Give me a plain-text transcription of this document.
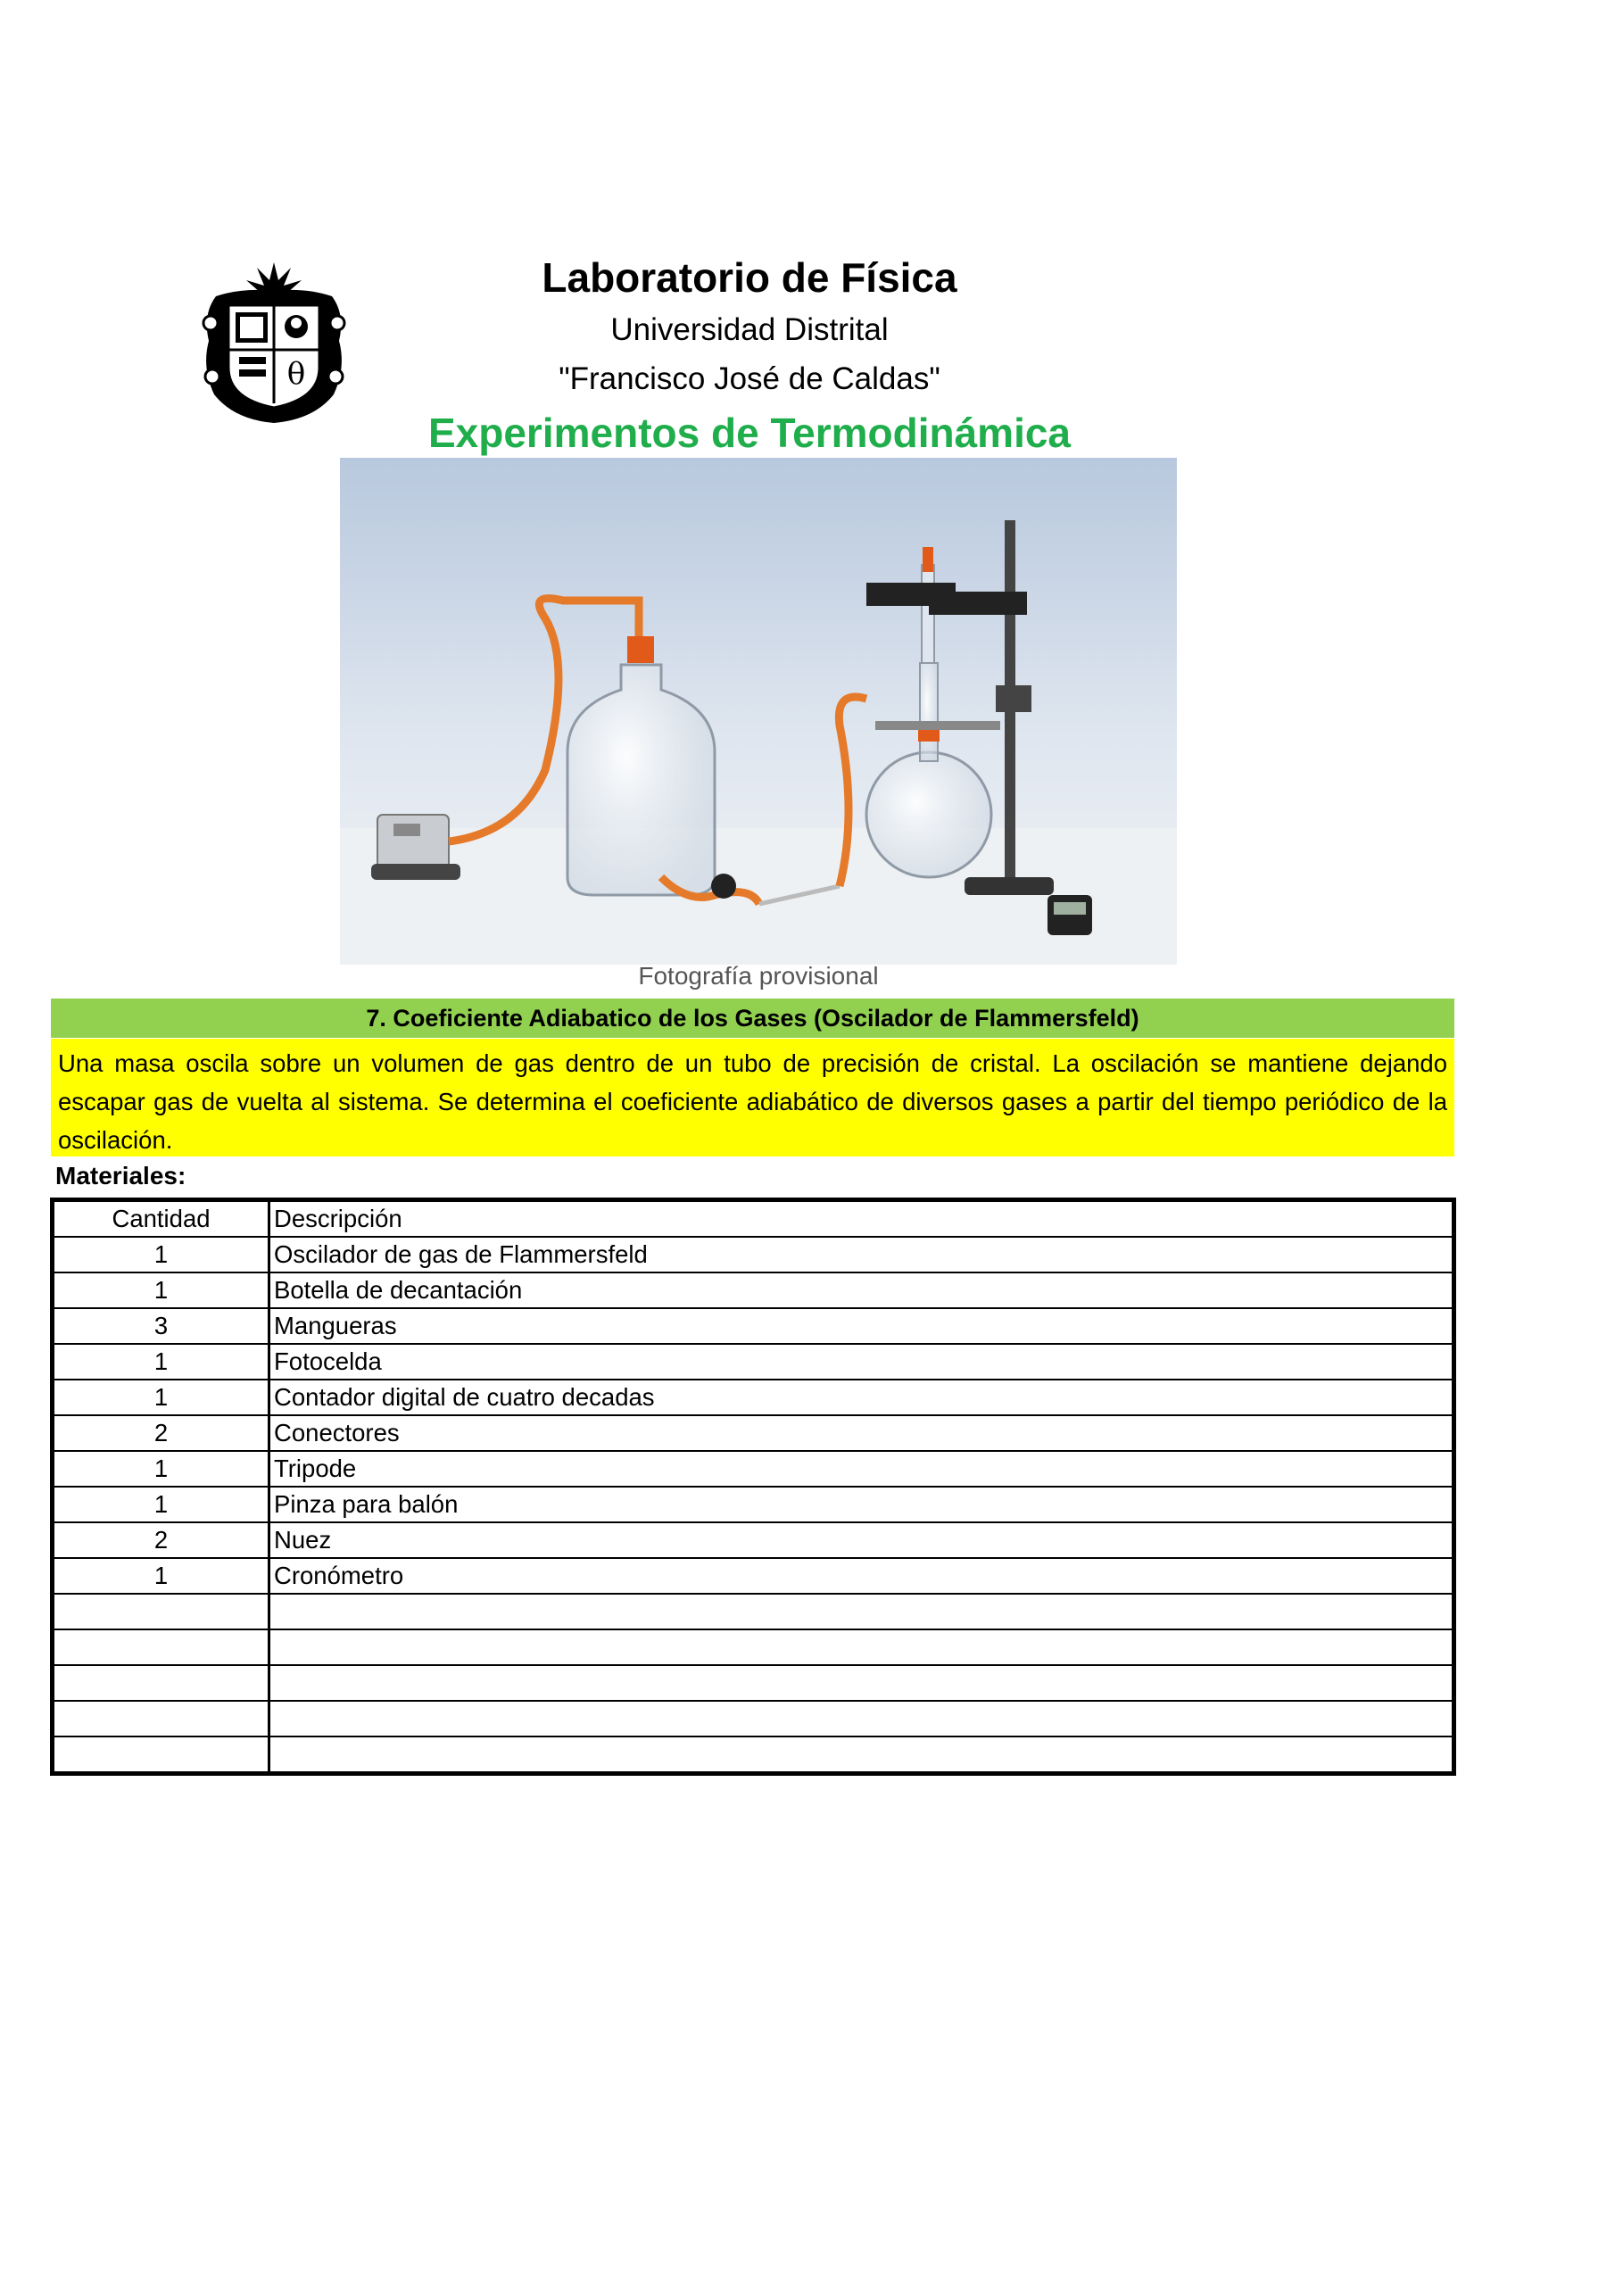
θ
Laboratorio de Física
Universidad Distrital
"Francisco José de Caldas"
Experimentos de Termodinámica
Fotografía provisional
7. Coeficiente Adiabatico de los Gases (Oscilador de Flammersfeld)
Una masa oscila sobre un volumen de gas dentro de un tubo de precisión de cristal. La oscilación se mantiene dejando escapar gas de vuelta al sistema. Se determina el coeficiente adiabático de diversos gases a partir del tiempo periódico de la oscilación.
Materiales:
Cantidad	Descripción
1	Oscilador de gas de Flammersfeld
1	Botella de decantación
3	Mangueras
1	Fotocelda
1	Contador digital de cuatro decadas
2	Conectores
1	Tripode
1	Pinza para balón
2	Nuez
1	Cronómetro
